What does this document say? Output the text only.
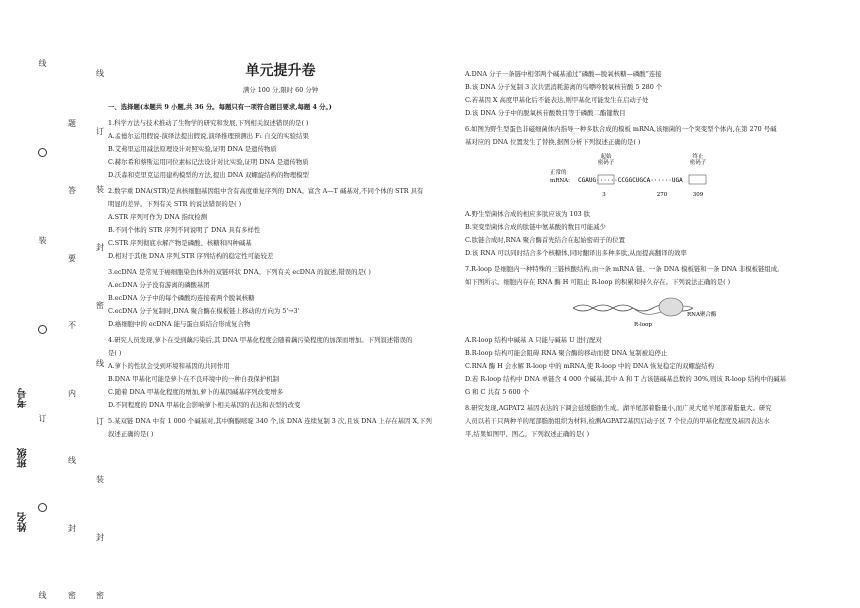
线
装
订
线
题
答
要
不
内
线
封
密
线
订
装
封
密
线
订
装
封
密
考号
班级
姓名
单元提升卷
满分 100 分,限时 60 分钟
一、选择题(本题共 9 小题,共 36 分。每题只有一项符合题目要求,每题 4 分。)

1.科学方法与技术推动了生物学的研究和发展,下列相关叙述错误的是( )

A.孟德尔运用假说-演绎法提出假说,演绎推理预测出 F₁ 自交的实验结果

B.艾弗里运用减法原理设计对照实验,证明 DNA 是遗传物质

C.赫尔希和蔡斯运用同位素标记法设计对比实验,证明 DNA 是遗传物质

D.沃森和克里克运用建构模型的方法,提出 DNA 双螺旋结构的物理模型

2.数字重 DNA(STR)是真核细胞基因组中含有高度重复序列的 DNA。富含 A—T 碱基对,不同个体的 STR 具有

明显的差异。下列有关 STR 的说法错误的是( )

A.STR 序列可作为 DNA 指纹检测

B.不同个体的 STR 序列不同说明了 DNA 具有多样性

C.STR 序列彻底水解产物是磷酸、核糖和四种碱基

D.相对于其他 DNA 序列,STR 序列结构的稳定性可能较差

3.ecDNA 是常见于癌细胞染色体外的双链环状 DNA。下列有关 ecDNA 的叙述,错误的是( )

A.ecDNA 分子没有游离的磷酸基团

B.ecDNA 分子中的每个磷酸均连接着两个脱氧核糖

C.ecDNA 分子复制时,DNA 聚合酶在模板链上移动的方向为 5'→3'

D.癌细胞中的 ecDNA 能与蛋白质结合形成复合物

4.研究人员发现,萝卜在受到藕污染后,其 DNA 甲基化程度会随着藕污染程度的加深而增加。下列叙述错误的

是( )

A.萝卜的性状会受到环境和基因的共同作用

B.DNA 甲基化可能是萝卜在不良环境中的一种自我保护机制

C.随着 DNA 甲基化程度的增加,萝卜的基因碱基序列改变增多

D.不同程度的 DNA 甲基化会影响萝卜相关基因的表达和表型的改变

5.某双链 DNA 中有 1 000 个碱基对,其中胸腺嘧啶 340 个,该 DNA 连续复制 3 次,且该 DNA 上存在基因 X,下列

叙述正确的是( )

A.DNA 分子一条链中相邻两个碱基通过“磷酸—脱氧核糖—磷酸”连接

B.该 DNA 分子复制 3 次共需消耗游离的鸟嘌呤脱氧核苷酸 5 280 个

C.若基因 X 高度甲基化后不能表达,则甲基化可能发生在启动子处

D.该 DNA 分子中的脱氧核苷酸数目等于磷酸二酯键数目

6.如图为野生型蛋色非磁细菌体内指导一种多肽合成的模板 mRNA,该细菌的一个突变型个体内,在第 270 号碱

基对应的 DNA 位置发生了替换,据图分析下列叙述正确的是( )

起始
密码子
终止
密码子
正常的
mRNA: CGAUG······CCGGCUGCA······UGA
3	270	309

A.野生型菌体合成的相应多肽应该为 103 肽

B.突变型菌体合成的肽链中氨基酸的数目可能减少

C.肽链合成时,RNA 聚合酶首先结合在起始密码子的位置

D.该 RNA 可以同时结合多个核糖体,同时翻译出多种多肽,从而提高翻译的效率

7.R-loop 是细胞内一种特殊的三链核酸结构,由一条 mRNA 链、一条 DNA 模板链和一条 DNA 非模板链组成,

如下图所示。细胞内存在 RNA 酶 H 可阻止 R-loop 的积累和持久存在。下列说法正确的是( )

R-loop
RNA聚合酶

A.R-loop 结构中碱基 A 只能与碱基 U 进行配对

B.R-loop 结构可能会阻碍 RNA 聚合酶的移动而使 DNA 复制被迫停止

C.RNA 酶 H 会水解 R-loop 中的 mRNA,使 R-loop 中的 DNA 恢复稳定的双螺旋结构

D.若 R-loop 结构中 DNA 单链含 4 000 个碱基,其中 A 和 T 占该链碱基总数的 30%,则该 R-loop 结构中的碱基

G 和 C 共有 5 600 个

8.研究发现,AGPAT2 基因表达的下调会延缓脂肪生成。湖羊尾部着脂量小,而广灵大尾羊尾部着脂量大。研究

人员以若干只两种羊的尾部脂肪组织为材料,检测AGPAT2基因启动子区 7 个位点的甲基化程度及基因表达水

平,结果如图甲、图乙。下列叙述正确的是( )
